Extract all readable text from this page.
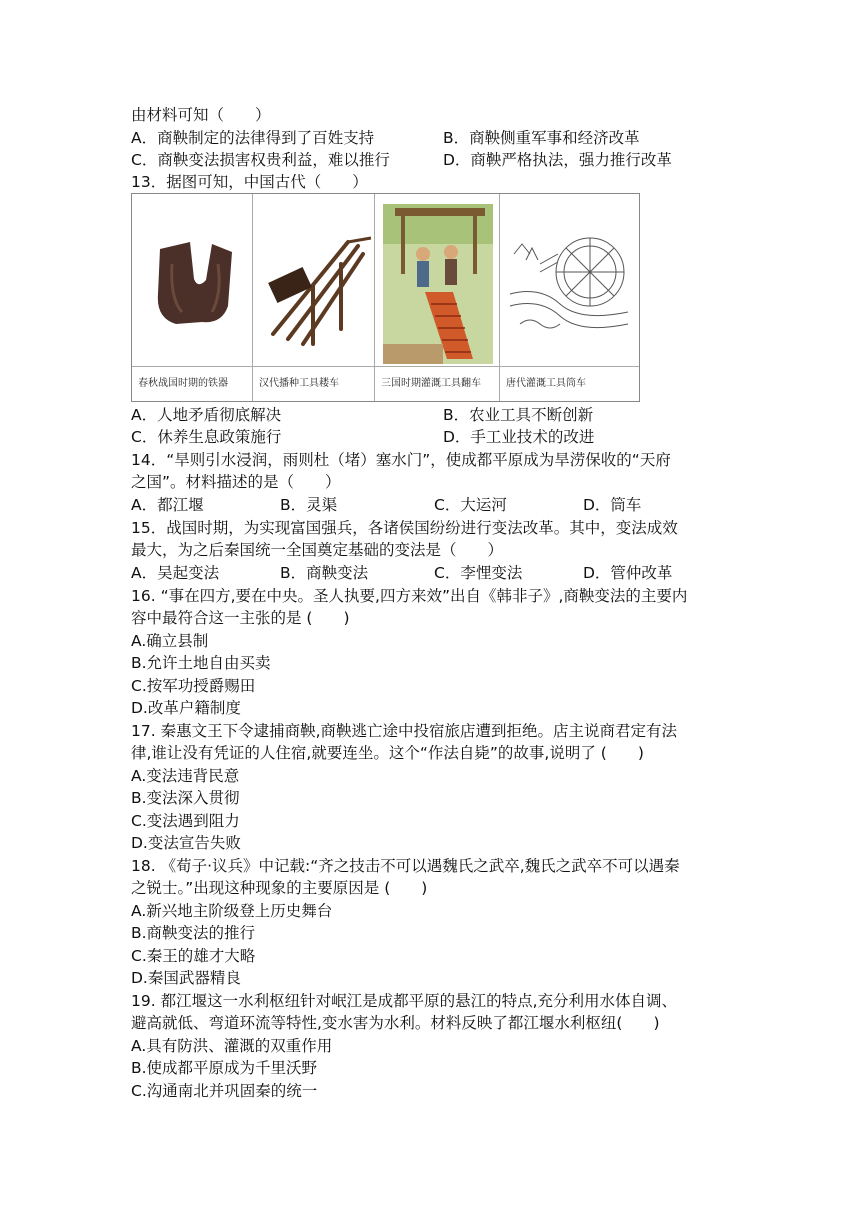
由材料可知（　　）
A．商鞅制定的法律得到了百姓支持	B．商鞅侧重军事和经济改革
C．商鞅变法损害权贵利益，难以推行	D．商鞅严格执法，强力推行改革
13．据图可知，中国古代（　　）
春秋战国时期的铁器	汉代播种工具耧车	三国时期灌溉工具翻车	唐代灌溉工具筒车
A．人地矛盾彻底解决	B．农业工具不断创新
C．休养生息政策施行	D．手工业技术的改进
14．“旱则引水浸润，雨则杜（堵）塞水门”，使成都平原成为旱涝保收的“天府
之国”。材料描述的是（　　）
A．都江堰	B．灵渠	C．大运河	D．筒车
15．战国时期，为实现富国强兵，各诸侯国纷纷进行变法改革。其中，变法成效
最大，为之后秦国统一全国奠定基础的变法是（　　）
A．吴起变法	B．商鞅变法	C．李悝变法	D．管仲改革
16. “事在四方,要在中央。圣人执要,四方来效”出自《韩非子》,商鞅变法的主要内
容中最符合这一主张的是 (　　)
A.确立县制
B.允许土地自由买卖
C.按军功授爵赐田
D.改革户籍制度
17. 秦惠文王下令逮捕商鞅,商鞅逃亡途中投宿旅店遭到拒绝。店主说商君定有法
律,谁让没有凭证的人住宿,就要连坐。这个“作法自毙”的故事,说明了 (　　)
A.变法违背民意
B.变法深入贯彻
C.变法遇到阻力
D.变法宣告失败
18. 《荀子·议兵》中记载:“齐之技击不可以遇魏氏之武卒,魏氏之武卒不可以遇秦
之锐士。”出现这种现象的主要原因是 (　　)
A.新兴地主阶级登上历史舞台
B.商鞅变法的推行
C.秦王的雄才大略
D.秦国武器精良
19. 都江堰这一水利枢纽针对岷江是成都平原的悬江的特点,充分利用水体自调、
避高就低、弯道环流等特性,变水害为水利。材料反映了都江堰水利枢纽(　　)
A.具有防洪、灌溉的双重作用
B.使成都平原成为千里沃野
C.沟通南北并巩固秦的统一
